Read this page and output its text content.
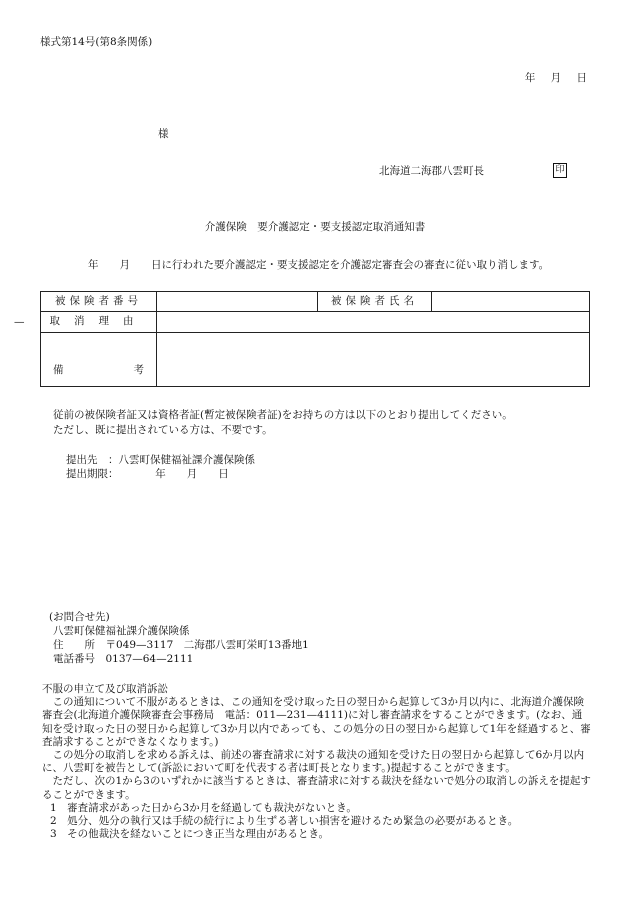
様式第14号(第8条関係)
年 月 日
様
北海道二海郡八雲町長	印
介護保険　要介護認定・要支援認定取消通知書
年　　月　　日に行われた要介護認定・要支援認定を介護認定審査会の審査に従い取り消します。
—
被保険者番号		被保険者氏名	
取消理由			

備 考			

従前の被保険者証又は資格者証(暫定被保険者証)をお持ちの方は以下のとおり提出してください。
ただし、既に提出されている方は、不要です。
提出先　：八雲町保健福祉課介護保険係
提出期限：　　　　年　　月　　日
(お問合せ先)
八雲町保健福祉課介護保険係
住　　所　〒049—3117　二海郡八雲町栄町13番地1
電話番号　0137—64—2111

不服の申立て及び取消訴訟

この通知について不服があるときは、この通知を受け取った日の翌日から起算して3か月以内に、北海道介護保険審査会(北海道介護保険審査会事務局　電話：011—231—4111)に対し審査請求をすることができます。(なお、通知を受け取った日の翌日から起算して3か月以内であっても、この処分の日の翌日から起算して1年を経過すると、審査請求することができなくなります。)

この処分の取消しを求める訴えは、前述の審査請求に対する裁決の通知を受けた日の翌日から起算して6か月以内に、八雲町を被告として(訴訟において町を代表する者は町長となります。)提起することができます。

ただし、次の1から3のいずれかに該当するときは、審査請求に対する裁決を経ないで処分の取消しの訴えを提起することができます。

1　審査請求があった日から3か月を経過しても裁決がないとき。

2　処分、処分の執行又は手続の続行により生ずる著しい損害を避けるため緊急の必要があるとき。

3　その他裁決を経ないことにつき正当な理由があるとき。
